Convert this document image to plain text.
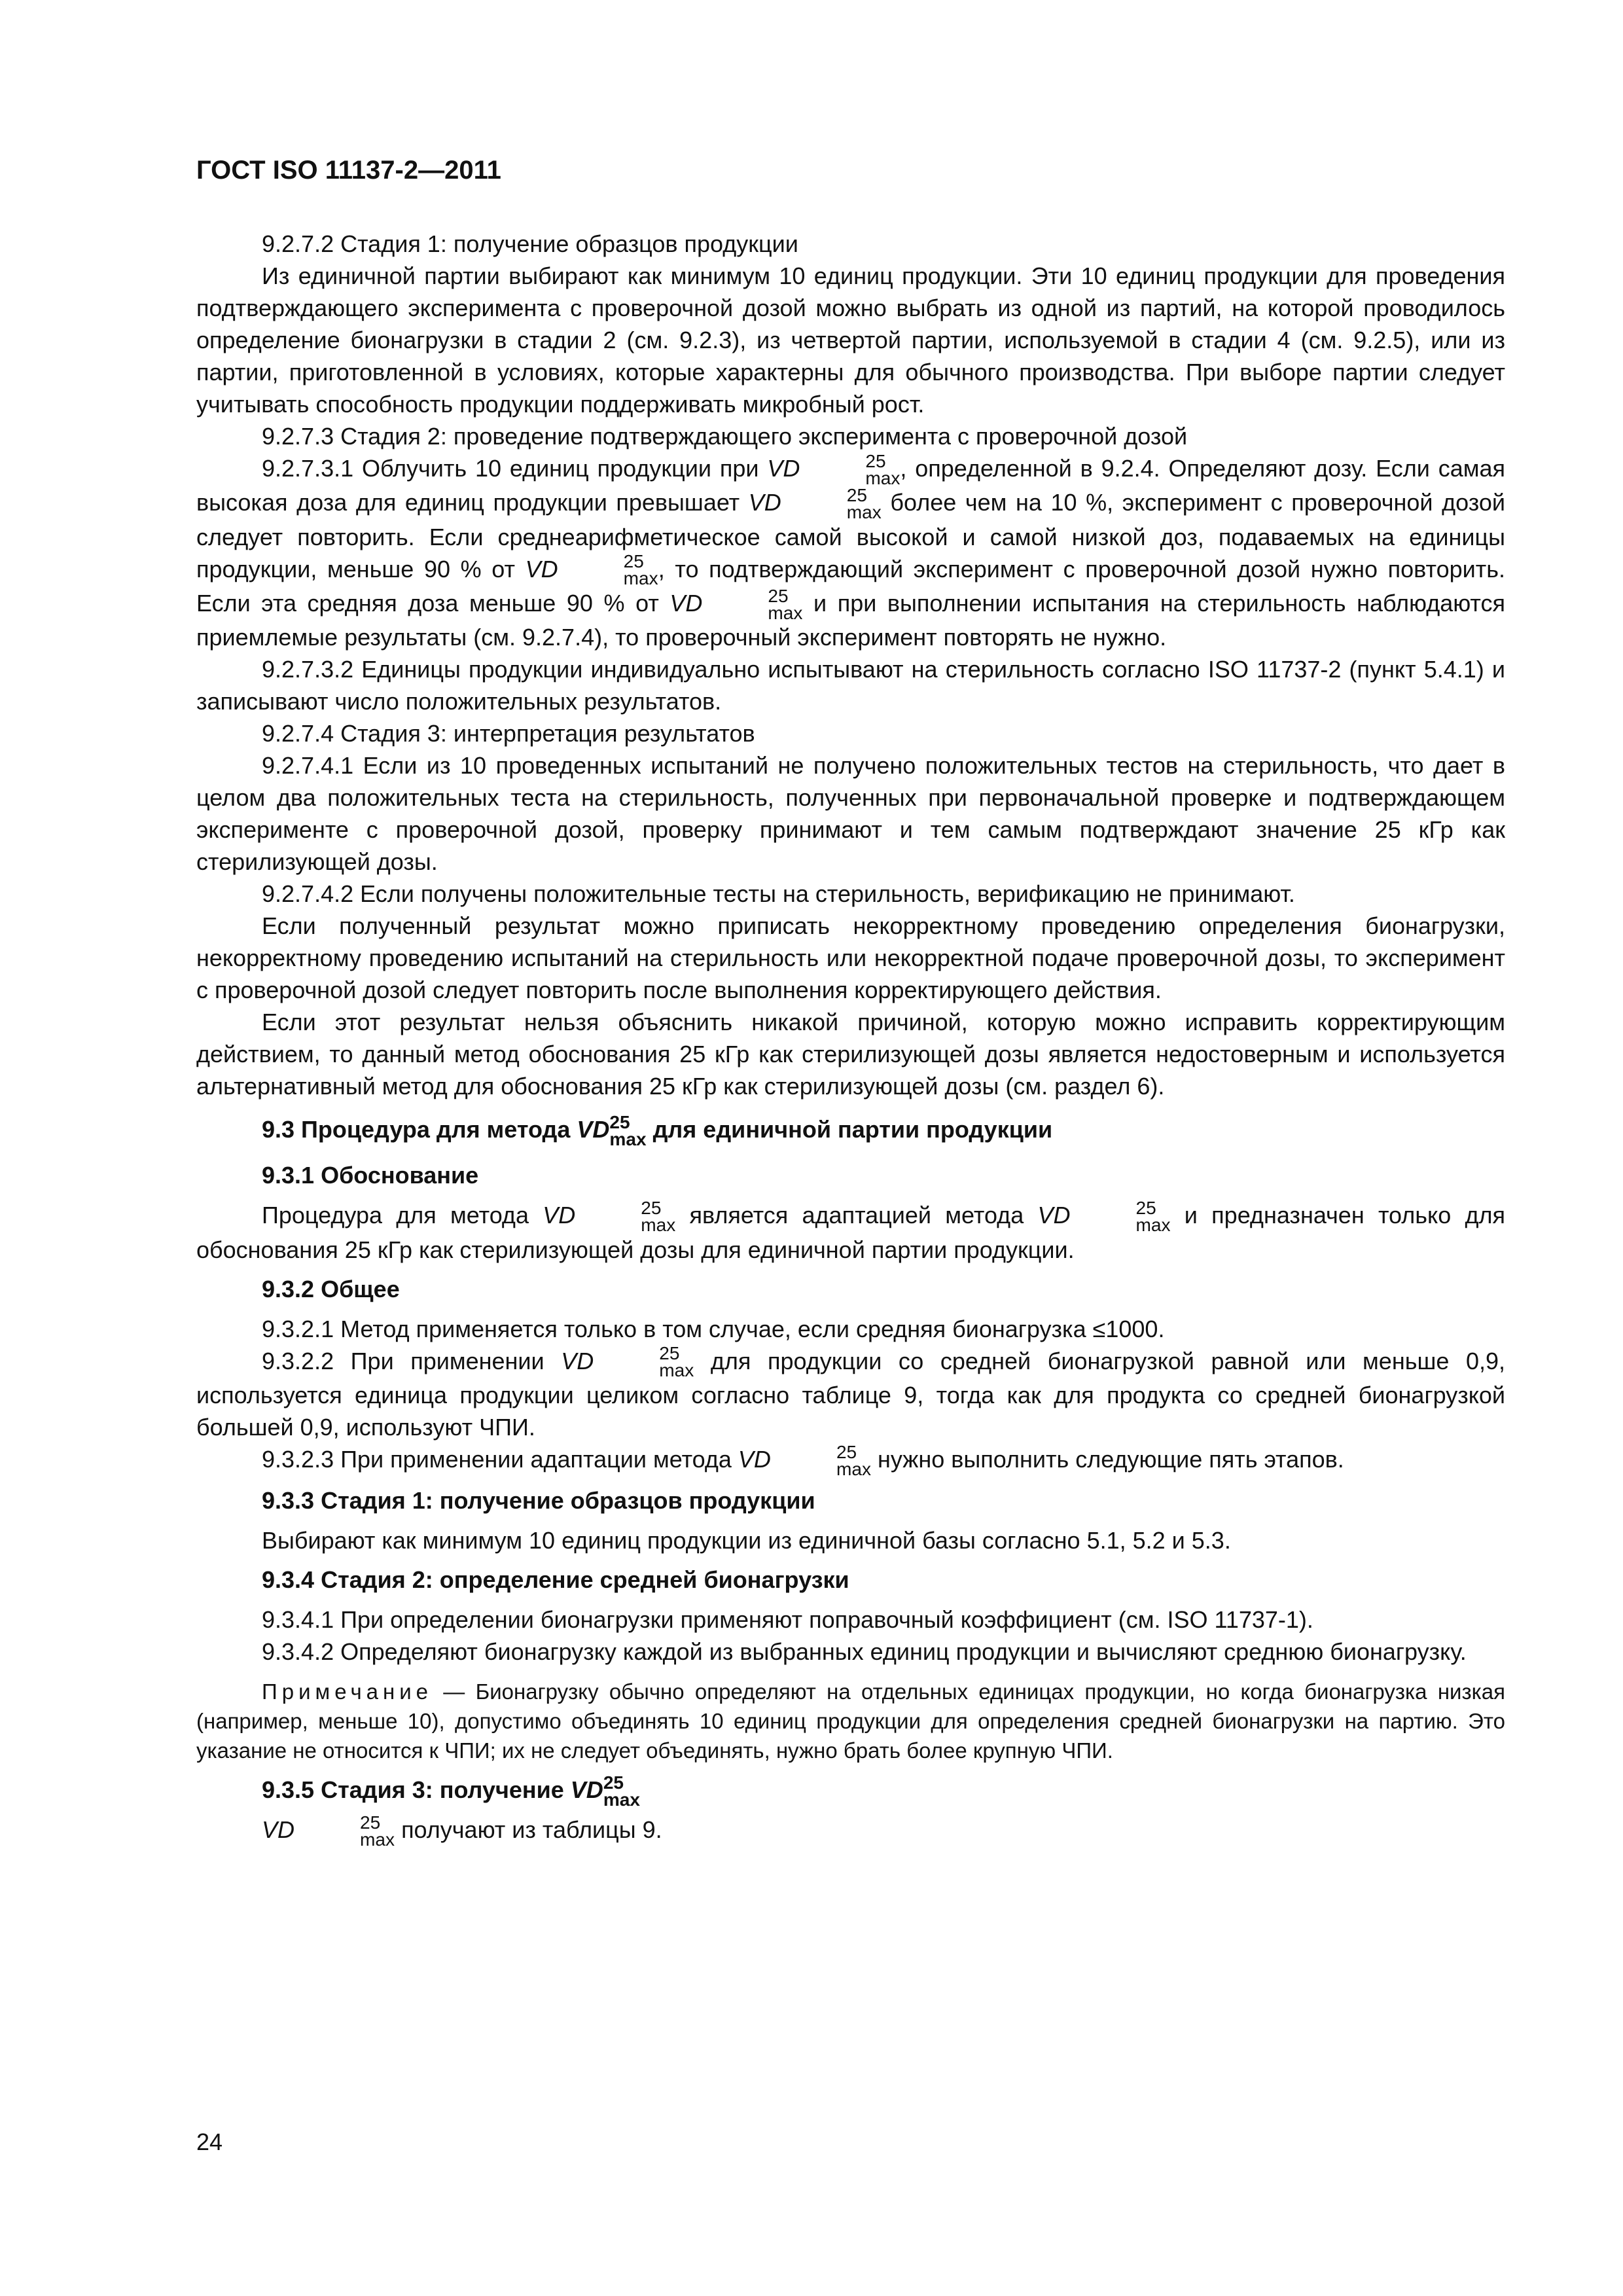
ГОСТ ISO 11137-2—2011

9.2.7.2 Стадия 1: получение образцов продукции

Из единичной партии выбирают как минимум 10 единиц продукции. Эти 10 единиц продукции для проведения подтверждающего эксперимента с проверочной дозой можно выбрать из одной из партий, на которой проводилось определение бионагрузки в стадии 2 (см. 9.2.3), из четвертой партии, используемой в стадии 4 (см. 9.2.5), или из партии, приготовленной в условиях, которые характерны для обычного производства. При выборе партии следует учитывать способность продукции поддерживать микробный рост.

9.2.7.3 Стадия 2: проведение подтверждающего эксперимента с проверочной дозой

9.2.7.3.1 Облучить 10 единиц продукции при VD	25
max , определенной в 9.2.4. Определяют дозу. Если самая высокая доза для единиц продукции превышает VD	25
max более чем на 10 %, эксперимент с проверочной дозой следует повторить. Если среднеарифметическое самой высокой и самой низкой доз, подаваемых на единицы продукции, меньше 90 % от VD	25
max , то подтверждающий эксперимент с проверочной дозой нужно повторить. Если эта средняя доза меньше 90 % от VD	25
max и при выполнении испытания на стерильность наблюдаются приемлемые результаты (см. 9.2.7.4), то проверочный эксперимент повторять не нужно.

9.2.7.3.2 Единицы продукции индивидуально испытывают на стерильность согласно ISO 11737-2 (пункт 5.4.1) и записывают число положительных результатов.

9.2.7.4 Стадия 3: интерпретация результатов

9.2.7.4.1 Если из 10 проведенных испытаний не получено положительных тестов на стерильность, что дает в целом два положительных теста на стерильность, полученных при первоначальной проверке и подтверждающем эксперименте с проверочной дозой, проверку принимают и тем самым подтверждают значение 25 кГр как стерилизующей дозы.

9.2.7.4.2 Если получены положительные тесты на стерильность, верификацию не принимают.

Если полученный результат можно приписать некорректному проведению определения бионагрузки, некорректному проведению испытаний на стерильность или некорректной подаче проверочной дозы, то эксперимент с проверочной дозой следует повторить после выполнения корректирующего действия.

Если этот результат нельзя объяснить никакой причиной, которую можно исправить корректирующим действием, то данный метод обоснования 25 кГр как стерилизующей дозы является недостоверным и используется альтернативный метод для обоснования 25 кГр как стерилизующей дозы (см. раздел 6).

9.3 Процедура для метода VD 25
max для единичной партии продукции

9.3.1 Обоснование

Процедура для метода VD	25
max является адаптацией метода VD	25
max и предназначен только для обоснования 25 кГр как стерилизующей дозы для единичной партии продукции.

9.3.2 Общее

9.3.2.1 Метод применяется только в том случае, если средняя бионагрузка ≤1000.

9.3.2.2 При применении VD	25
max для продукции со средней бионагрузкой равной или меньше 0,9, используется единица продукции целиком согласно таблице 9, тогда как для продукта со средней бионагрузкой большей 0,9, используют ЧПИ.

9.3.2.3 При применении адаптации метода VD	25
max нужно выполнить следующие пять этапов.

9.3.3 Стадия 1: получение образцов продукции

Выбирают как минимум 10 единиц продукции из единичной базы согласно 5.1, 5.2 и 5.3.

9.3.4 Стадия 2: определение средней бионагрузки

9.3.4.1 При определении бионагрузки применяют поправочный коэффициент (см. ISO 11737-1).

9.3.4.2 Определяют бионагрузку каждой из выбранных единиц продукции и вычисляют среднюю бионагрузку.

Примечание — Бионагрузку обычно определяют на отдельных единицах продукции, но когда бионагрузка низкая (например, меньше 10), допустимо объединять 10 единиц продукции для определения средней бионагрузки на партию. Это указание не относится к ЧПИ; их не следует объединять, нужно брать более крупную ЧПИ.

9.3.5 Стадия 3: получение VD 25
max

VD	25
max получают из таблицы 9.

24
